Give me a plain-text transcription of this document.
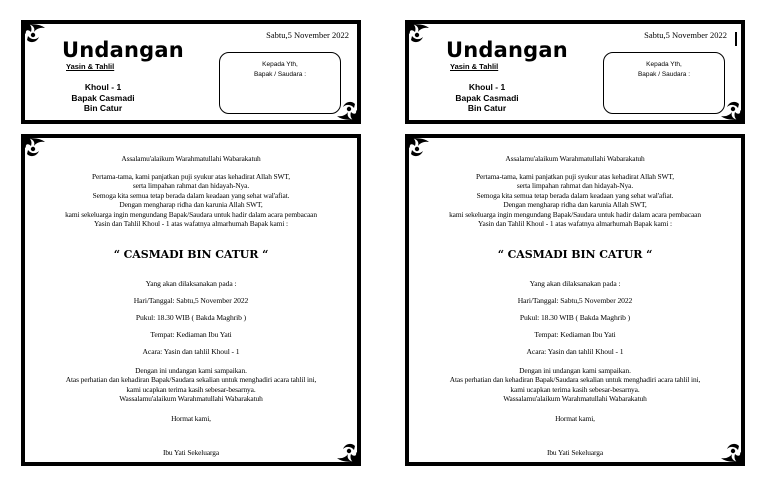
Undangan
Yasin & Tahlil
Sabtu,5 November 2022
Kepada Yth,
Bapak / Saudara :
Khoul - 1
Bapak Casmadi
Bin Catur
Assalamu'alaikum Warahmatullahi Wabarakatuh
Pertama-tama, kami panjatkan puji syukur atas kehadirat Allah SWT,
serta limpahan rahmat dan hidayah-Nya.
Semoga kita semua tetap berada dalam keadaan yang sehat wal'afiat.
Dengan mengharap ridha dan karunia Allah SWT,
kami sekeluarga ingin mengundang Bapak/Saudara untuk hadir dalam acara pembacaan
Yasin dan Tahlil Khoul - 1 atas wafatnya almarhumah Bapak kami :
“ CASMADI BIN CATUR “
Yang akan dilaksanakan pada :
Hari/Tanggal: Sabtu,5 November 2022
Pukul: 18.30 WIB ( Bakda Maghrib )
Tempat: Kediaman Ibu Yati
Acara: Yasin dan tahlil Khoul - 1
Dengan ini undangan kami sampaikan.
Atas perhatian dan kehadiran Bapak/Saudara sekalian untuk menghadiri acara tahlil ini,
kami ucapkan terima kasih sebesar-besarnya.
Wassalamu'alaikum Warahmatullahi Wabarakatuh
Hormat kami,
Ibu Yati Sekeluarga
Undangan
Yasin & Tahlil
Sabtu,5 November 2022
Kepada Yth,
Bapak / Saudara :
Khoul - 1
Bapak Casmadi
Bin Catur
Assalamu'alaikum Warahmatullahi Wabarakatuh
Pertama-tama, kami panjatkan puji syukur atas kehadirat Allah SWT,
serta limpahan rahmat dan hidayah-Nya.
Semoga kita semua tetap berada dalam keadaan yang sehat wal'afiat.
Dengan mengharap ridha dan karunia Allah SWT,
kami sekeluarga ingin mengundang Bapak/Saudara untuk hadir dalam acara pembacaan
Yasin dan Tahlil Khoul - 1 atas wafatnya almarhumah Bapak kami :
“ CASMADI BIN CATUR “
Yang akan dilaksanakan pada :
Hari/Tanggal: Sabtu,5 November 2022
Pukul: 18.30 WIB ( Bakda Maghrib )
Tempat: Kediaman Ibu Yati
Acara: Yasin dan tahlil Khoul - 1
Dengan ini undangan kami sampaikan.
Atas perhatian dan kehadiran Bapak/Saudara sekalian untuk menghadiri acara tahlil ini,
kami ucapkan terima kasih sebesar-besarnya.
Wassalamu'alaikum Warahmatullahi Wabarakatuh
Hormat kami,
Ibu Yati Sekeluarga
